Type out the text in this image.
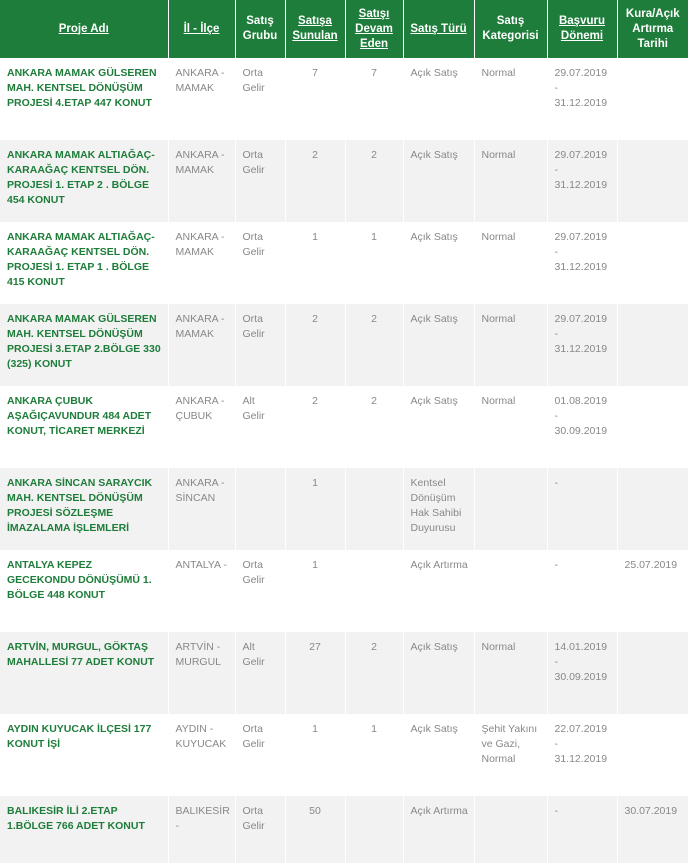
Proje Adı	İl - İlçe	Satış Grubu	Satışa Sunulan	Satışı Devam Eden	Satış Türü	Satış Kategorisi	Başvuru Dönemi	Kura/Açık Artırma Tarihi
ANKARA MAMAK GÜLSEREN MAH. KENTSEL DÖNÜŞÜM PROJESİ 4.ETAP 447 KONUT	ANKARA - MAMAK	Orta Gelir	7	7	Açık Satış	Normal	29.07.2019 - 31.12.2019	
ANKARA MAMAK ALTIAĞAÇ-KARAAĞAÇ KENTSEL DÖN. PROJESİ 1. ETAP 2 . BÖLGE 454 KONUT	ANKARA - MAMAK	Orta Gelir	2	2	Açık Satış	Normal	29.07.2019 - 31.12.2019	
ANKARA MAMAK ALTIAĞAÇ-KARAAĞAÇ KENTSEL DÖN. PROJESİ 1. ETAP 1 . BÖLGE 415 KONUT	ANKARA - MAMAK	Orta Gelir	1	1	Açık Satış	Normal	29.07.2019 - 31.12.2019	
ANKARA MAMAK GÜLSEREN MAH. KENTSEL DÖNÜŞÜM PROJESİ 3.ETAP 2.BÖLGE 330 (325) KONUT	ANKARA - MAMAK	Orta Gelir	2	2	Açık Satış	Normal	29.07.2019 - 31.12.2019	
ANKARA ÇUBUK AŞAĞIÇAVUNDUR 484 ADET KONUT, TİCARET MERKEZİ	ANKARA - ÇUBUK	Alt Gelir	2	2	Açık Satış	Normal	01.08.2019 - 30.09.2019	
ANKARA SİNCAN SARAYCIK MAH. KENTSEL DÖNÜŞÜM PROJESİ SÖZLEŞME İMAZALAMA İŞLEMLERİ	ANKARA - SİNCAN		1		Kentsel Dönüşüm Hak Sahibi Duyurusu		-	
ANTALYA KEPEZ GECEKONDU DÖNÜŞÜMÜ 1. BÖLGE 448 KONUT	ANTALYA -	Orta Gelir	1		Açık Artırma		-	25.07.2019
ARTVİN, MURGUL, GÖKTAŞ MAHALLESİ 77 ADET KONUT	ARTVİN - MURGUL	Alt Gelir	27	2	Açık Satış	Normal	14.01.2019 - 30.09.2019	
AYDIN KUYUCAK İLÇESİ 177 KONUT İŞİ	AYDIN - KUYUCAK	Orta Gelir	1	1	Açık Satış	Şehit Yakını ve Gazi, Normal	22.07.2019 - 31.12.2019	
BALIKESİR İLİ 2.ETAP 1.BÖLGE 766 ADET KONUT	BALIKESİR -	Orta Gelir	50		Açık Artırma		-	30.07.2019
